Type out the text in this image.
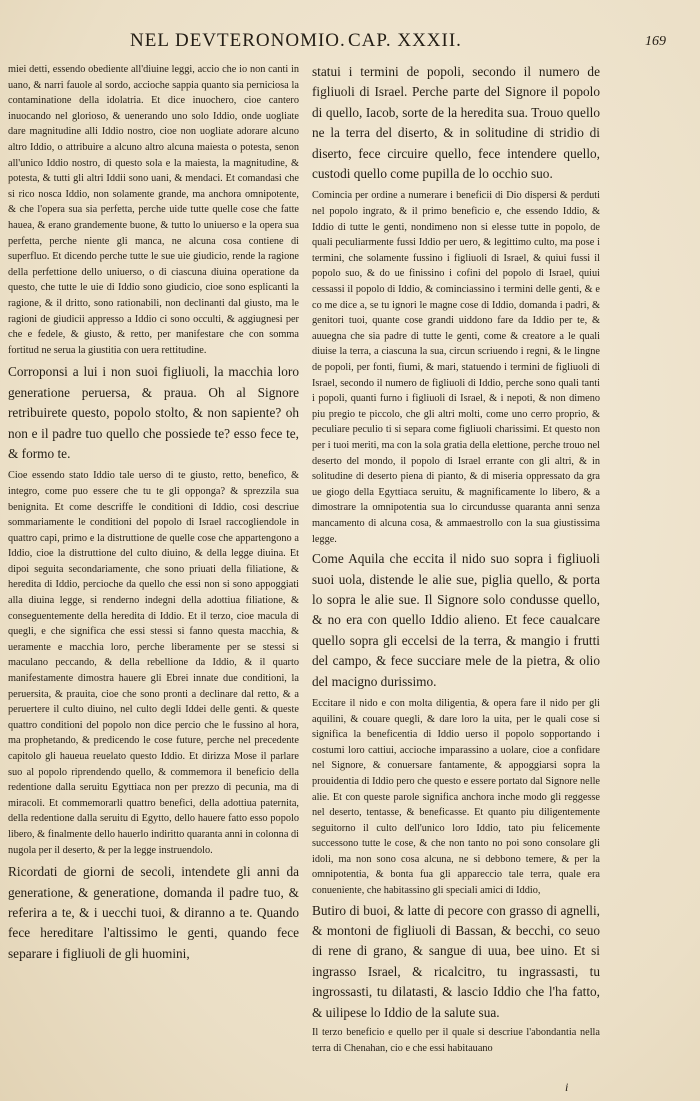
NEL DEVTERONOMIO. CAP. XXXII.	169

miei detti, essendo obediente all'diuine leggi, accio che io non canti in uano, & narri fauole al sordo, accioche sappia quanto sia perniciosa la contaminatione della idolatria. Et dice inuochero, cioe cantero inuocando nel glorioso, & uenerando uno solo Iddio, onde uogliate dare magnitudine alli Iddio nostro, cioe non uogliate adorare alcuno altro Iddio, o attribuire a alcuno altro alcuna maiesta o potesta, senon all'unico Iddio nostro, di questo sola e la maiesta, la magnitudine, & potesta, & tutti gli altri Iddii sono uani, & mendaci. Et comandasi che si rico nosca Iddio, non solamente grande, ma anchora omnipotente, & che l'opera sua sia perfetta, perche uide tutte quelle cose che fatte hauea, & erano grandemente buone, & tutto lo uniuerso e la opera sua perfetta, perche niente gli manca, ne alcuna cosa contiene di superfluo. Et dicendo perche tutte le sue uie giudicio, rende la ragione della perfettione dello uniuerso, o di ciascuna diuina operatione da questo, che tutte le uie di Iddio sono giudicio, cioe sono esplicanti la ragione, & il dritto, sono rationabili, non declinanti dal giusto, ma le ragioni de giudicii appresso a Iddio ci sono occulti, & aggiugnesi per che e fedele, & giusto, & retto, per manifestare che con somma fortitud ne serua la giustitia con uera rettitudine.

Corroponsi a lui i non suoi figliuoli, la macchia loro generatione peruersa, & praua. Oh al Signore retribuirete questo, popolo stolto, & non sapiente? oh non e il padre tuo quello che possiede te? esso fece te, & formo te.

Cioe essendo stato Iddio tale uerso di te giusto, retto, benefico, & integro, come puo essere che tu te gli opponga? & sprezzila sua benignita. Et come descriffe le conditioni di Iddio, cosi descriue sommariamente le conditioni del popolo di Israel raccogliendole in quattro capi, primo e la distruttione de quelle cose che appartengono a Iddio, cioe la distruttione del culto diuino, & della legge diuina. Et dipoi seguita secondariamente, che sono priuati della filiatione, & heredita di Iddio, percioche da quello che essi non si sono appoggiati alla diuina legge, si renderno indegni della adottiua filiatione, & conseguentemente della heredita di Iddio. Et il terzo, cioe macula di quegli, e che significa che essi stessi si fanno questa macchia, & ueramente e macchia loro, perche liberamente per se stessi si maculano peccando, & della rebellione da Iddio, & il quarto manifestamente dimostra hauere gli Ebrei innate due conditioni, la peruersita, & prauita, cioe che sono pronti a declinare dal retto, & a peruertere il culto diuino, nel culto degli Iddei delle genti. & queste quattro conditioni del popolo non dice percio che le fussino al hora, ma prophetando, & predicendo le cose future, perche nel precedente capitolo gli haueua reuelato questo Iddio. Et dirizza Mose il parlare suo al popolo riprendendo quello, & commemora il beneficio della redentione dalla seruitu Egyttiaca non per prezzo di pecunia, ma di miracoli. Et commemorarli quattro benefici, della adottiua paternita, della redentione dalla seruitu di Egytto, dello hauere fatto esso popolo libero, & finalmente dello hauerlo indiritto quaranta anni in colonna di nugola per il deserto, & per la legge instruendolo.

Ricordati de giorni de secoli, intendete gli anni da generatione, & generatione, domanda il padre tuo, & referira a te, & i uecchi tuoi, & diranno a te. Quando fece hereditare l'altissimo le genti, quando fece separare i figliuoli de gli huomini,

statui i termini de popoli, secondo il numero de figliuoli di Israel. Perche parte del Signore il popolo di quello, Iacob, sorte de la heredita sua. Trouo quello ne la terra del diserto, & in solitudine di stridio di diserto, fece circuire quello, fece intendere quello, custodi quello come pupilla de lo occhio suo.

Comincia per ordine a numerare i beneficii di Dio dispersi & perduti nel popolo ingrato, & il primo beneficio e, che essendo Iddio, & Iddio di tutte le genti, nondimeno non si elesse tutte in popolo, de quali peculiarmente fussi Iddio per uero, & legittimo culto, ma pose i termini, che solamente fussino i figliuoli di Israel, & quiui fussi il popolo suo, & do ue finissino i cofini del popolo di Israel, quiui cessassi il popolo di Iddio, & cominciassino i termini delle genti, & e co me dice a, se tu ignori le magne cose di Iddio, domanda i padri, & genitori tuoi, quante cose grandi uiddono fare da Iddio per te, & auuegna che sia padre di tutte le genti, come & creatore a le quali diuise la terra, a ciascuna la sua, circun scriuendo i regni, & le lingne de popoli, per fonti, fiumi, & mari, statuendo i termini de figliuoli di Israel, secondo il numero de figliuoli di Iddio, perche sono quali tanti i popoli, quanti furno i figliuoli di Israel, & i nepoti, & non dimeno piu pregio te piccolo, che gli altri molti, come uno cerro proprio, & peculiare peculio ti si separa come figliuoli charissimi. Et questo non per i tuoi meriti, ma con la sola gratia della elettione, perche trouo nel deserto del mondo, il popolo di Israel errante con gli altri, & in solitudine di deserto piena di pianto, & di miseria oppressato da gra ue giogo della Egyttiaca seruitu, & magnificamente lo libero, & a dimostrare la omnipotentia sua lo circundusse quaranta anni senza mancamento di alcuna cosa, & ammaestrollo con la sua giustissima legge.

Come Aquila che eccita il nido suo sopra i figliuoli suoi uola, distende le alie sue, piglia quello, & porta lo sopra le alie sue. Il Signore solo condusse quello, & no era con quello Iddio alieno. Et fece caualcare quello sopra gli eccelsi de la terra, & mangio i frutti del campo, & fece succiare mele de la pietra, & olio del macigno durissimo.

Eccitare il nido e con molta diligentia, & opera fare il nido per gli aquilini, & couare quegli, & dare loro la uita, per le quali cose si significa la beneficentia di Iddio uerso il popolo sopportando i costumi loro cattiui, accioche imparassino a uolare, cioe a confidare nel Signore, & conuersare fantamente, & appoggiarsi sopra la prouidentia di Iddio pero che questo e essere portato dal Signore nelle alie. Et con queste parole significa anchora inche modo gli reggesse nel deserto, tentasse, & beneficasse. Et quanto piu diligentemente seguitorno il culto dell'unico loro Iddio, tato piu felicemente successono tutte le cose, & che non tanto no poi sono consolare gli idoli, ma non sono cosa alcuna, ne si debbono temere, & per la omnipotentia, & bonta fua gli appareccio tale terra, quale era conueniente, che habitassino gli speciali amici di Iddio,

Butiro di buoi, & latte di pecore con grasso di agnelli, & montoni de figliuoli di Bassan, & becchi, co seuo di rene di grano, & sangue di uua, bee uino. Et si ingrasso Israel, & ricalcitro, tu ingrassasti, tu ingrossasti, tu dilatasti, & lascio Iddio che l'ha fatto, & uilipese lo Iddio de la salute sua.

Il terzo beneficio e quello per il quale si descriue l'abondantia nella terra di Chenahan, cio e che essi habitauano

i
